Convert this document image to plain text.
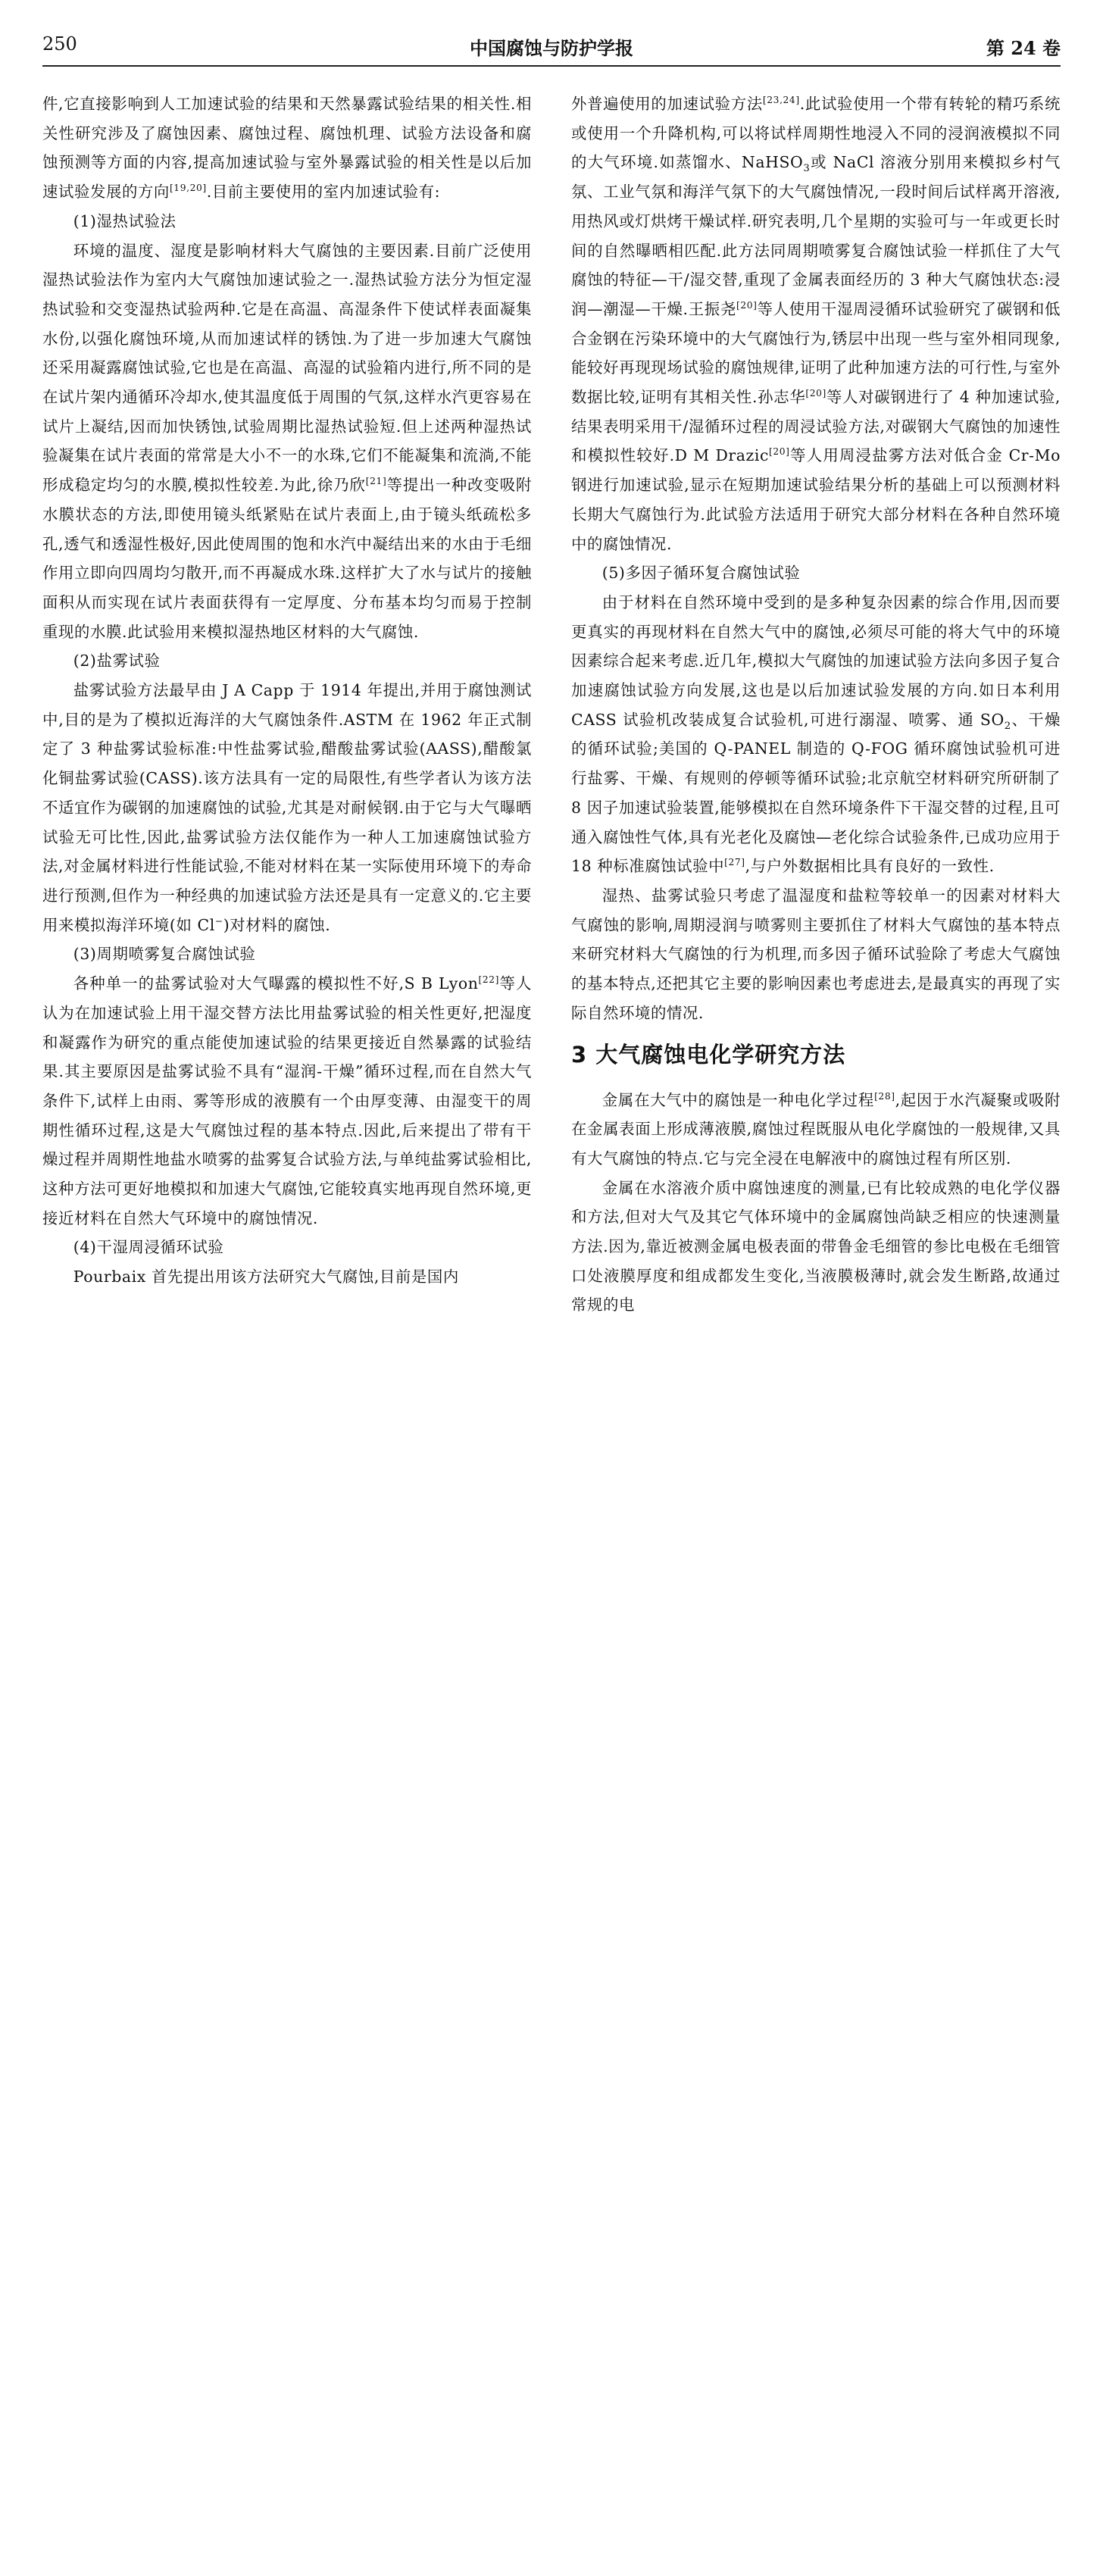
250	中国腐蚀与防护学报	第 24 卷

件,它直接影响到人工加速试验的结果和天然暴露试验结果的相关性.相关性研究涉及了腐蚀因素、腐蚀过程、腐蚀机理、试验方法设备和腐蚀预测等方面的内容,提高加速试验与室外暴露试验的相关性是以后加速试验发展的方向[19,20].目前主要使用的室内加速试验有:

(1)湿热试验法

环境的温度、湿度是影响材料大气腐蚀的主要因素.目前广泛使用湿热试验法作为室内大气腐蚀加速试验之一.湿热试验方法分为恒定湿热试验和交变湿热试验两种.它是在高温、高湿条件下使试样表面凝集水份,以强化腐蚀环境,从而加速试样的锈蚀.为了进一步加速大气腐蚀还采用凝露腐蚀试验,它也是在高温、高湿的试验箱内进行,所不同的是在试片架内通循环冷却水,使其温度低于周围的气氛,这样水汽更容易在试片上凝结,因而加快锈蚀,试验周期比湿热试验短.但上述两种湿热试验凝集在试片表面的常常是大小不一的水珠,它们不能凝集和流淌,不能形成稳定均匀的水膜,模拟性较差.为此,徐乃欣[21]等提出一种改变吸附水膜状态的方法,即使用镜头纸紧贴在试片表面上,由于镜头纸疏松多孔,透气和透湿性极好,因此使周围的饱和水汽中凝结出来的水由于毛细作用立即向四周均匀散开,而不再凝成水珠.这样扩大了水与试片的接触面积从而实现在试片表面获得有一定厚度、分布基本均匀而易于控制重现的水膜.此试验用来模拟湿热地区材料的大气腐蚀.

(2)盐雾试验

盐雾试验方法最早由 J A Capp 于 1914 年提出,并用于腐蚀测试中,目的是为了模拟近海洋的大气腐蚀条件.ASTM 在 1962 年正式制定了 3 种盐雾试验标准:中性盐雾试验,醋酸盐雾试验(AASS),醋酸氯化铜盐雾试验(CASS).该方法具有一定的局限性,有些学者认为该方法不适宜作为碳钢的加速腐蚀的试验,尤其是对耐候钢.由于它与大气曝晒试验无可比性,因此,盐雾试验方法仅能作为一种人工加速腐蚀试验方法,对金属材料进行性能试验,不能对材料在某一实际使用环境下的寿命进行预测,但作为一种经典的加速试验方法还是具有一定意义的.它主要用来模拟海洋环境(如 Cl−)对材料的腐蚀.

(3)周期喷雾复合腐蚀试验

各种单一的盐雾试验对大气曝露的模拟性不好,S B Lyon[22]等人认为在加速试验上用干湿交替方法比用盐雾试验的相关性更好,把湿度和凝露作为研究的重点能使加速试验的结果更接近自然暴露的试验结果.其主要原因是盐雾试验不具有“湿润-干燥”循环过程,而在自然大气条件下,试样上由雨、雾等形成的液膜有一个由厚变薄、由湿变干的周期性循环过程,这是大气腐蚀过程的基本特点.因此,后来提出了带有干燥过程并周期性地盐水喷雾的盐雾复合试验方法,与单纯盐雾试验相比,这种方法可更好地模拟和加速大气腐蚀,它能较真实地再现自然环境,更接近材料在自然大气环境中的腐蚀情况.

(4)干湿周浸循环试验

Pourbaix 首先提出用该方法研究大气腐蚀,目前是国内

外普遍使用的加速试验方法[23,24].此试验使用一个带有转轮的精巧系统或使用一个升降机构,可以将试样周期性地浸入不同的浸润液模拟不同的大气环境.如蒸馏水、NaHSO$_3$或 NaCl 溶液分别用来模拟乡村气氛、工业气氛和海洋气氛下的大气腐蚀情况,一段时间后试样离开溶液,用热风或灯烘烤干燥试样.研究表明,几个星期的实验可与一年或更长时间的自然曝晒相匹配.此方法同周期喷雾复合腐蚀试验一样抓住了大气腐蚀的特征—干/湿交替,重现了金属表面经历的 3 种大气腐蚀状态:浸润—潮湿—干燥.王振尧[20]等人使用干湿周浸循环试验研究了碳钢和低合金钢在污染环境中的大气腐蚀行为,锈层中出现一些与室外相同现象,能较好再现现场试验的腐蚀规律,证明了此种加速方法的可行性,与室外数据比较,证明有其相关性.孙志华[20]等人对碳钢进行了 4 种加速试验,结果表明采用干/湿循环过程的周浸试验方法,对碳钢大气腐蚀的加速性和模拟性较好.D M Drazic[20]等人用周浸盐雾方法对低合金 Cr-Mo 钢进行加速试验,显示在短期加速试验结果分析的基础上可以预测材料长期大气腐蚀行为.此试验方法适用于研究大部分材料在各种自然环境中的腐蚀情况.

(5)多因子循环复合腐蚀试验

由于材料在自然环境中受到的是多种复杂因素的综合作用,因而要更真实的再现材料在自然大气中的腐蚀,必须尽可能的将大气中的环境因素综合起来考虑.近几年,模拟大气腐蚀的加速试验方法向多因子复合加速腐蚀试验方向发展,这也是以后加速试验发展的方向.如日本利用 CASS 试验机改装成复合试验机,可进行溺湿、喷雾、通 $SO_2$、干燥的循环试验;美国的 Q-PANEL 制造的 Q-FOG 循环腐蚀试验机可进行盐雾、干燥、有规则的停顿等循环试验;北京航空材料研究所研制了 8 因子加速试验装置,能够模拟在自然环境条件下干湿交替的过程,且可通入腐蚀性气体,具有光老化及腐蚀—老化综合试验条件,已成功应用于 18 种标准腐蚀试验中[27],与户外数据相比具有良好的一致性.

湿热、盐雾试验只考虑了温湿度和盐粒等较单一的因素对材料大气腐蚀的影响,周期浸润与喷雾则主要抓住了材料大气腐蚀的基本特点来研究材料大气腐蚀的行为机理,而多因子循环试验除了考虑大气腐蚀的基本特点,还把其它主要的影响因素也考虑进去,是最真实的再现了实际自然环境的情况.

3 大气腐蚀电化学研究方法

金属在大气中的腐蚀是一种电化学过程[28],起因于水汽凝聚或吸附在金属表面上形成薄液膜,腐蚀过程既服从电化学腐蚀的一般规律,又具有大气腐蚀的特点.它与完全浸在电解液中的腐蚀过程有所区别.

金属在水溶液介质中腐蚀速度的测量,已有比较成熟的电化学仪器和方法,但对大气及其它气体环境中的金属腐蚀尚缺乏相应的快速测量方法.因为,靠近被测金属电极表面的带鲁金毛细管的参比电极在毛细管口处液膜厚度和组成都发生变化,当液膜极薄时,就会发生断路,故通过常规的电
